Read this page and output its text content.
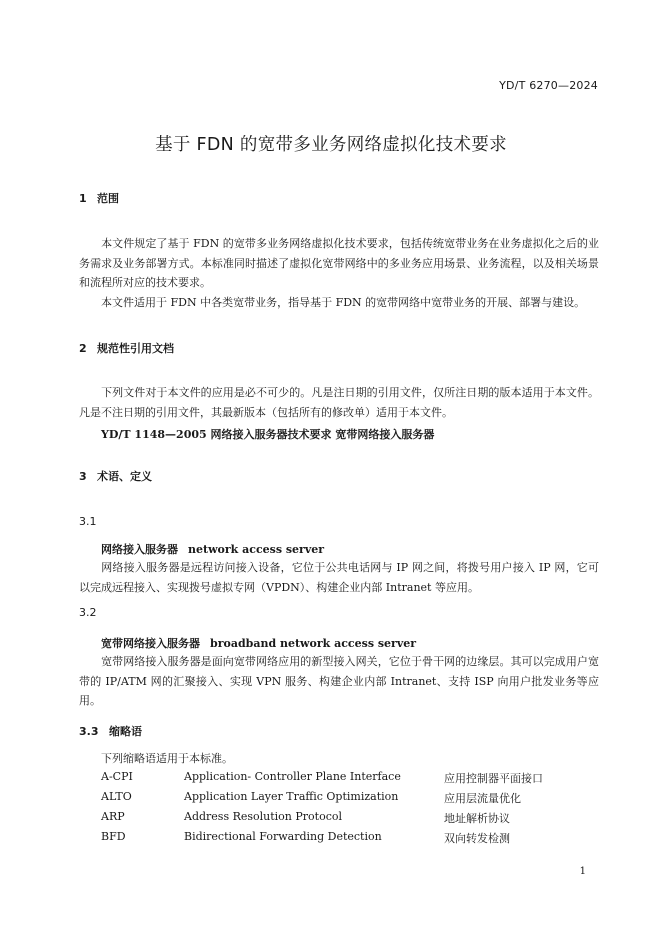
YD/T 6270—2024
基于 FDN 的宽带多业务网络虚拟化技术要求
1 范围
本文件规定了基于 FDN 的宽带多业务网络虚拟化技术要求，包括传统宽带业务在业务虚拟化之后的业务需求及业务部署方式。本标准同时描述了虚拟化宽带网络中的多业务应用场景、业务流程，以及相关场景和流程所对应的技术要求。
本文件适用于 FDN 中各类宽带业务，指导基于 FDN 的宽带网络中宽带业务的开展、部署与建设。
2 规范性引用文档
下列文件对于本文件的应用是必不可少的。凡是注日期的引用文件，仅所注日期的版本适用于本文件。凡是不注日期的引用文件，其最新版本（包括所有的修改单）适用于本文件。
YD/T 1148—2005 网络接入服务器技术要求 宽带网络接入服务器
3 术语、定义
3.1
网络接入服务器 network access server
网络接入服务器是远程访问接入设备，它位于公共电话网与 IP 网之间，将拨号用户接入 IP 网，它可以完成远程接入、实现拨号虚拟专网（VPDN）、构建企业内部 Intranet 等应用。
3.2
宽带网络接入服务器 broadband network access server
宽带网络接入服务器是面向宽带网络应用的新型接入网关，它位于骨干网的边缘层。其可以完成用户宽带的 IP/ATM 网的汇聚接入、实现 VPN 服务、构建企业内部 Intranet、支持 ISP 向用户批发业务等应用。
3.3 缩略语
下列缩略语适用于本标准。
A-CPI	Application- Controller Plane Interface	应用控制器平面接口
ALTO	Application Layer Traffic Optimization	应用层流量优化
ARP	Address Resolution Protocol	地址解析协议
BFD	Bidirectional Forwarding Detection	双向转发检测
1
